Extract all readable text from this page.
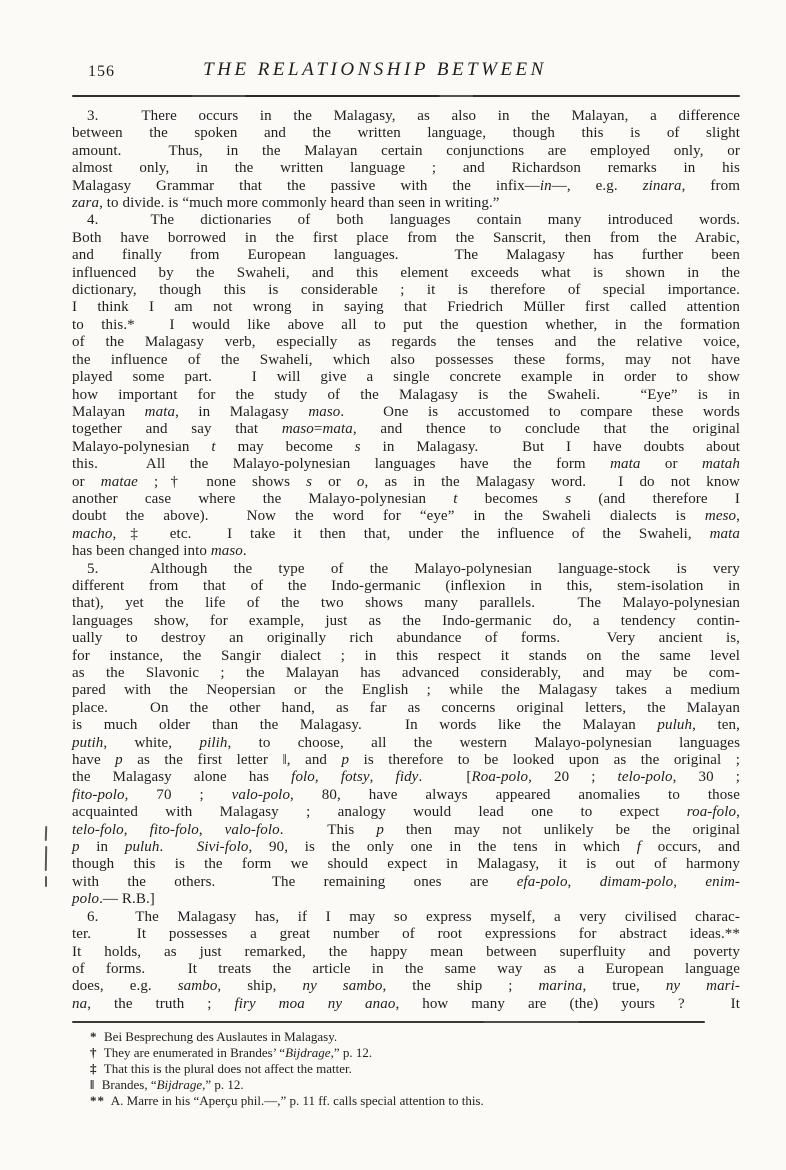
156	THE RELATIONSHIP BETWEEN
3.  There occurs in the Malagasy, as also in the Malayan, a difference
between the spoken and the written language, though this is of slight
amount.  Thus, in the Malayan certain conjunctions are employed only, or
almost only, in the written language ; and Richardson remarks in his
Malagasy Grammar that the passive with the infix—in—, e.g. zinara, from
zara, to divide. is “much more commonly heard than seen in writing.”
4.  The dictionaries of both languages contain many introduced words.
Both have borrowed in the first place from the Sanscrit, then from the Arabic,
and finally from European languages.  The Malagasy has further been
influenced by the Swaheli, and this element exceeds what is shown in the
dictionary, though this is considerable ; it is therefore of special importance.
I think I am not wrong in saying that Friedrich Müller first called attention
to this.*  I would like above all to put the question whether, in the formation
of the Malagasy verb, especially as regards the tenses and the relative voice,
the influence of the Swaheli, which also possesses these forms, may not have
played some part.  I will give a single concrete example in order to show
how important for the study of the Malagasy is the Swaheli.  “Eye” is in
Malayan mata, in Malagasy maso.  One is accustomed to compare these words
together and say that maso=mata, and thence to conclude that the original
Malayo-polynesian t may become s in Malagasy.  But I have doubts about
this.  All the Malayo-polynesian languages have the form mata or matah
or matae ;† none shows s or o, as in the Malagasy word.  I do not know
another case where the Malayo-polynesian t becomes s (and therefore I
doubt the above).  Now the word for “eye” in the Swaheli dialects is meso,
macho,‡ etc.  I take it then that, under the influence of the Swaheli, mata
has been changed into maso.
5.  Although the type of the Malayo-polynesian language-stock is very
different from that of the Indo-germanic (inflexion in this, stem-isolation in
that), yet the life of the two shows many parallels.  The Malayo-polynesian
languages show, for example, just as the Indo-germanic do, a tendency contin-
ually to destroy an originally rich abundance of forms.  Very ancient is,
for instance, the Sangir dialect ; in this respect it stands on the same level
as the Slavonic ; the Malayan has advanced considerably, and may be com-
pared with the Neopersian or the English ; while the Malagasy takes a medium
place.  On the other hand, as far as concerns original letters, the Malayan
is much older than the Malagasy.  In words like the Malayan puluh, ten,
putih, white, pilih, to choose, all the western Malayo-polynesian languages
have p as the first letter ‖, and p is therefore to be looked upon as the original ;
the Malagasy alone has folo, fotsy, fidy.  [Roa-polo, 20 ; telo-polo, 30 ;
fito-polo, 70 ; valo-polo, 80, have always appeared anomalies to those
acquainted with Malagasy ; analogy would lead one to expect roa-folo,
telo-folo, fito-folo, valo-folo.  This p then may not unlikely be the original
p in puluh.  Sivi-folo, 90, is the only one in the tens in which f occurs, and
though this is the form we should expect in Malagasy, it is out of harmony
with the others.  The remaining ones are efa-polo, dimam-polo, enim-
polo.— R.B.]
6.  The Malagasy has, if I may so express myself, a very civilised charac-
ter.  It possesses a great number of root expressions for abstract ideas.**
It holds, as just remarked, the happy mean between superfluity and poverty
of forms.  It treats the article in the same way as a European language
does, e.g. sambo, ship, ny sambo, the ship ; marina, true, ny mari-
na, the truth ; firy moa ny anao, how many are (the) yours ?  It
* Bei Besprechung des Auslautes in Malagasy.
† They are enumerated in Brandes’ “Bijdrage,” p. 12.
‡ That this is the plural does not affect the matter.
‖ Brandes, “Bijdrage,” p. 12.
** A. Marre in his “Aperçu phil.—,” p. 11 ff. calls special attention to this.
